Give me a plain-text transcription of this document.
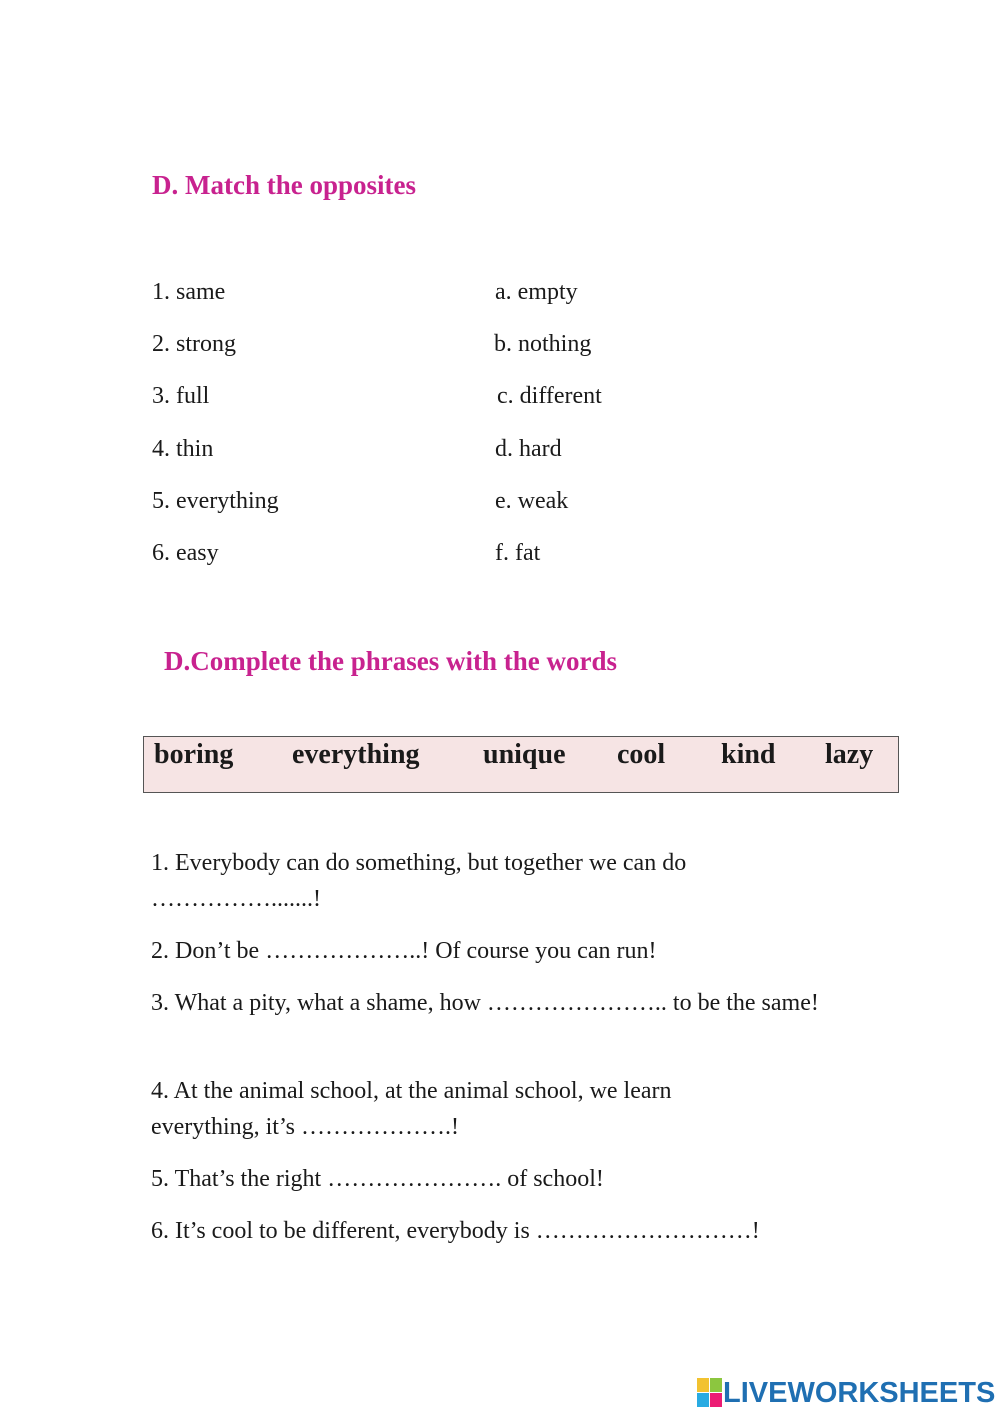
D. Match the opposites
1. same
2. strong
3. full
4. thin
5. everything
6. easy
a. empty
b. nothing
c. different
d. hard
e. weak
f. fat
D.Complete the phrases with the words
boring everything unique cool kind lazy
1. Everybody can do something, but together we can do …………….......!
2. Don’t be ………………..! Of course you can run!
3. What a pity, what a shame, how ………………….. to be the same!
4. At the animal school, at the animal school, we learn everything, it’s ……………….!
5. That’s the right …………………. of school!
6. It’s cool to be different, everybody is ………………………!
LIVEWORKSHEETS
